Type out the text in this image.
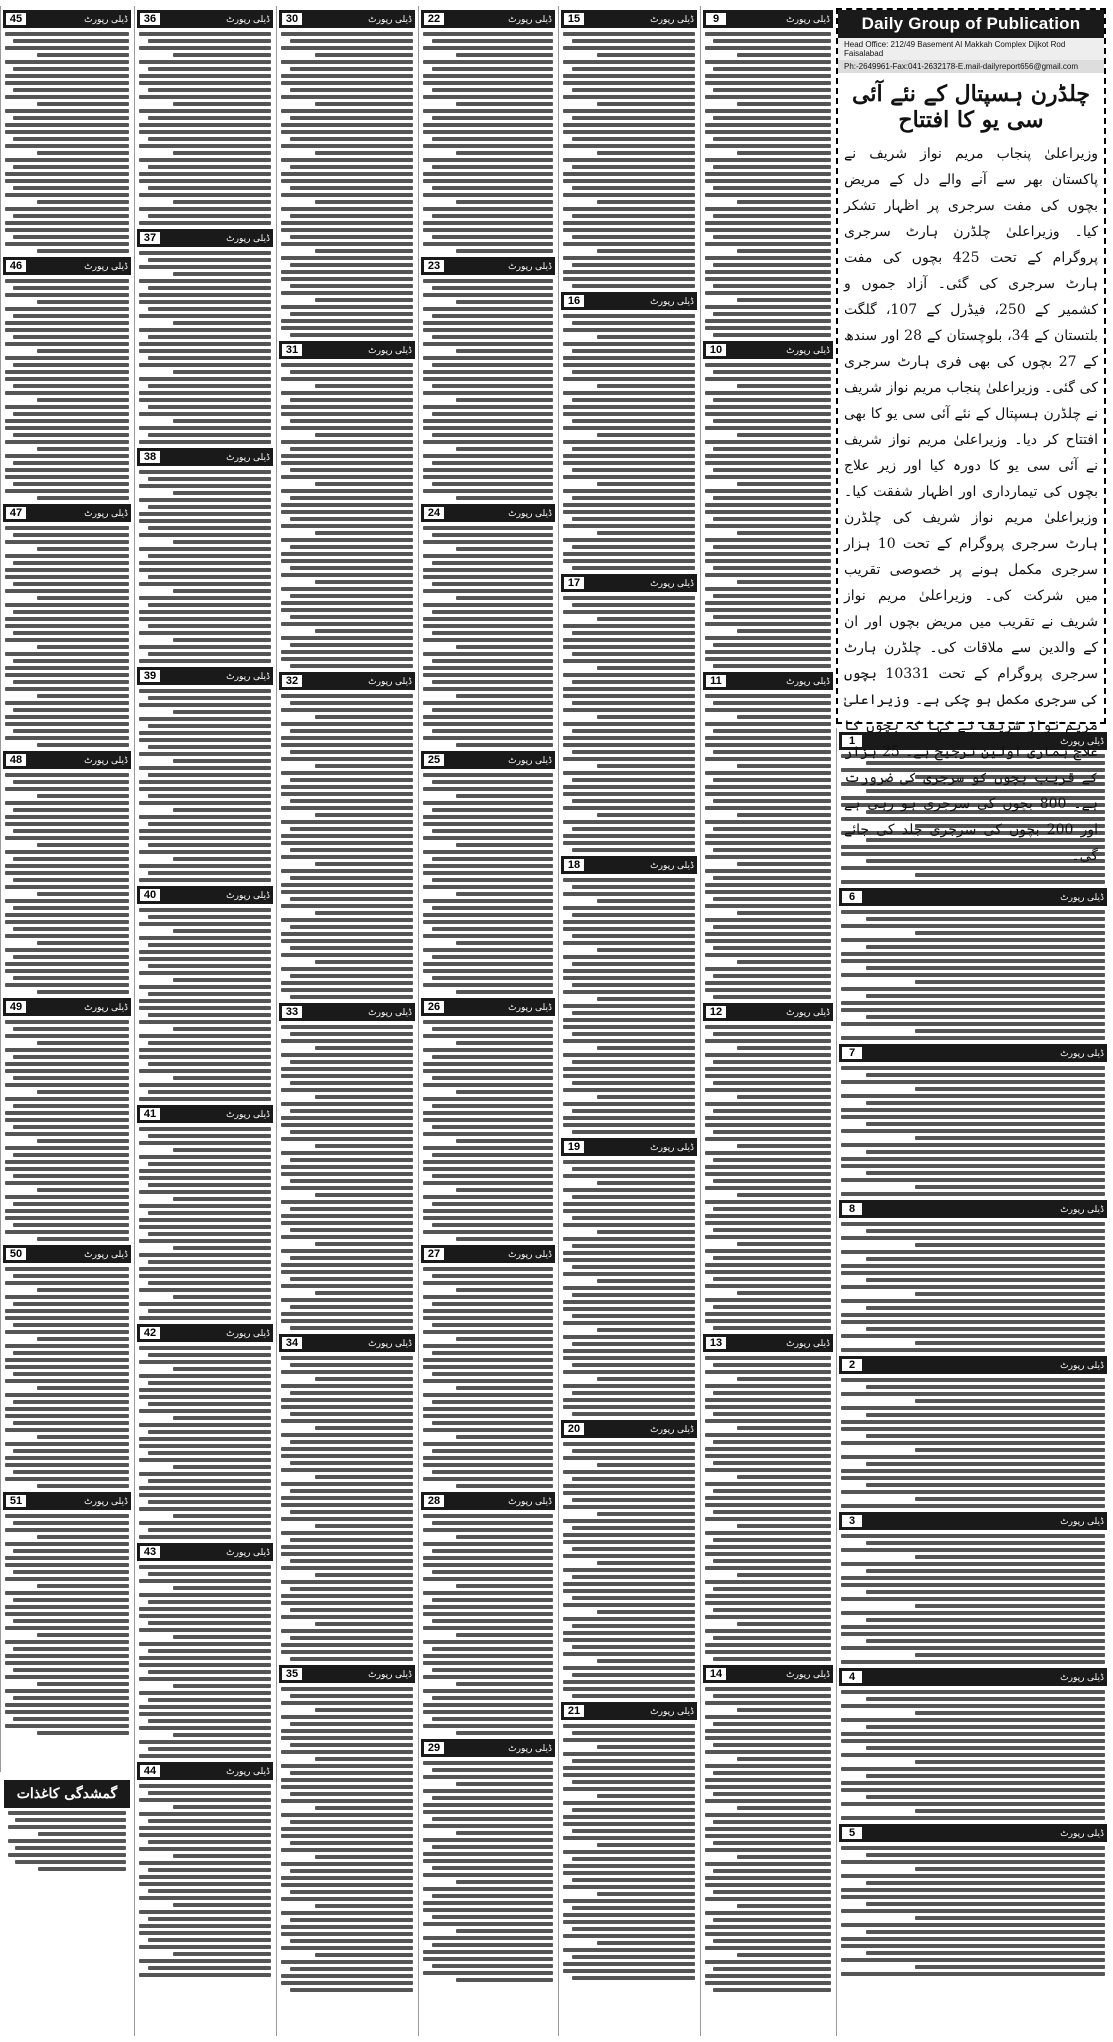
1	ڈیلی رپورٹ
6	ڈیلی رپورٹ
7	ڈیلی رپورٹ
8	ڈیلی رپورٹ
2	ڈیلی رپورٹ
3	ڈیلی رپورٹ
4	ڈیلی رپورٹ
5	ڈیلی رپورٹ
9	ڈیلی رپورٹ
10	ڈیلی رپورٹ
11	ڈیلی رپورٹ
12	ڈیلی رپورٹ
13	ڈیلی رپورٹ
14	ڈیلی رپورٹ
15	ڈیلی رپورٹ
16	ڈیلی رپورٹ
17	ڈیلی رپورٹ
18	ڈیلی رپورٹ
19	ڈیلی رپورٹ
20	ڈیلی رپورٹ
21	ڈیلی رپورٹ
22	ڈیلی رپورٹ
23	ڈیلی رپورٹ
24	ڈیلی رپورٹ
25	ڈیلی رپورٹ
26	ڈیلی رپورٹ
27	ڈیلی رپورٹ
28	ڈیلی رپورٹ
29	ڈیلی رپورٹ
30	ڈیلی رپورٹ
31	ڈیلی رپورٹ
32	ڈیلی رپورٹ
33	ڈیلی رپورٹ
34	ڈیلی رپورٹ
35	ڈیلی رپورٹ
36	ڈیلی رپورٹ
37	ڈیلی رپورٹ
38	ڈیلی رپورٹ
39	ڈیلی رپورٹ
40	ڈیلی رپورٹ
41	ڈیلی رپورٹ
42	ڈیلی رپورٹ
43	ڈیلی رپورٹ
44	ڈیلی رپورٹ
45	ڈیلی رپورٹ
46	ڈیلی رپورٹ
47	ڈیلی رپورٹ
48	ڈیلی رپورٹ
49	ڈیلی رپورٹ
50	ڈیلی رپورٹ
51	ڈیلی رپورٹ
Daily Group of Publication
Head Office: 212/49 Basement Al Makkah Complex Dijkot Rod Faisalabad
Ph:-2649961-Fax:041-2632178-E.mail-dailyreport656@gmail.com
چلڈرن ہسپتال کے نئے آئی سی یو کا افتتاح
وزیراعلیٰ پنجاب مریم نواز شریف نے پاکستان بھر سے آنے والے دل کے مریض بچوں کی مفت سرجری پر اظہار تشکر کیا۔ وزیراعلیٰ چلڈرن ہارٹ سرجری پروگرام کے تحت 425 بچوں کی مفت ہارٹ سرجری کی گئی۔ آزاد جموں و کشمیر کے 250، فیڈرل کے 107، گلگت بلتستان کے 34، بلوچستان کے 28 اور سندھ کے 27 بچوں کی بھی فری ہارٹ سرجری کی گئی۔ وزیراعلیٰ پنجاب مریم نواز شریف نے چلڈرن ہسپتال کے نئے آئی سی یو کا بھی افتتاح کر دیا۔ وزیراعلیٰ مریم نواز شریف نے آئی سی یو کا دورہ کیا اور زیر علاج بچوں کی تیمارداری اور اظہار شفقت کیا۔ وزیراعلیٰ مریم نواز شریف کی چلڈرن ہارٹ سرجری پروگرام کے تحت 10 ہزار سرجری مکمل ہونے پر خصوصی تقریب میں شرکت کی۔ وزیراعلیٰ مریم نواز شریف نے تقریب میں مریض بچوں اور ان کے والدین سے ملاقات کی۔ چلڈرن ہارٹ سرجری پروگرام کے تحت 10331 بچوں کی سرجری مکمل ہو چکی ہے۔ وزیراعلیٰ مریم نواز شریف نے کہا کہ بچوں کا علاج ہماری اولین ترجیح ہے۔ 25 ہزار کے قریب بچوں کو سرجری کی ضرورت ہے۔ 800 بچوں کی سرجری ہو رہی ہے اور 200 بچوں کی سرجری جلد کی جائے گی۔
گمشدگی کاغذات
